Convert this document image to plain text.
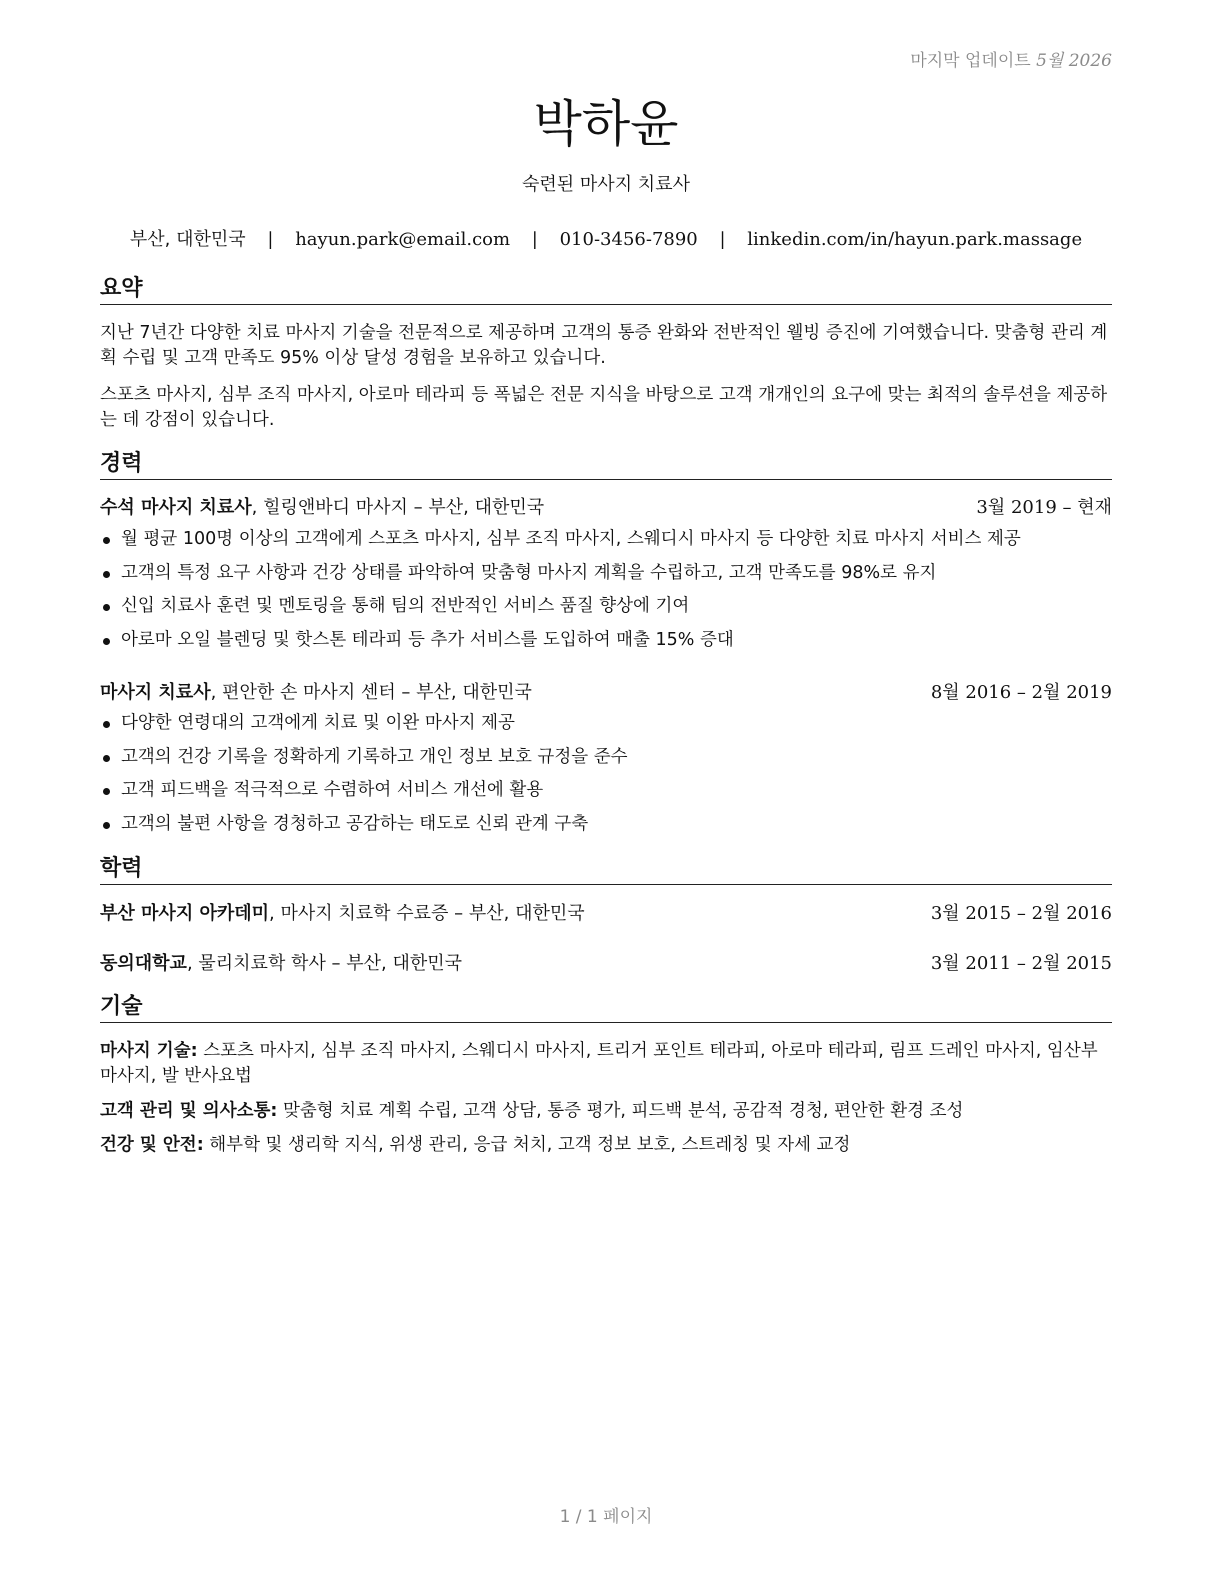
마지막 업데이트 5월 2026
박하윤
숙련된 마사지 치료사
부산, 대한민국 | hayun.park@email.com | 010-3456-7890 | linkedin.com/in/hayun.park.massage
요약
지난 7년간 다양한 치료 마사지 기술을 전문적으로 제공하며 고객의 통증 완화와 전반적인 웰빙 증진에 기여했습니다. 맞춤형 관리 계획 수립 및 고객 만족도 95% 이상 달성 경험을 보유하고 있습니다.
스포츠 마사지, 심부 조직 마사지, 아로마 테라피 등 폭넓은 전문 지식을 바탕으로 고객 개개인의 요구에 맞는 최적의 솔루션을 제공하는 데 강점이 있습니다.
경력
수석 마사지 치료사, 힐링앤바디 마사지 – 부산, 대한민국	3월 2019 – 현재
월 평균 100명 이상의 고객에게 스포츠 마사지, 심부 조직 마사지, 스웨디시 마사지 등 다양한 치료 마사지 서비스 제공
고객의 특정 요구 사항과 건강 상태를 파악하여 맞춤형 마사지 계획을 수립하고, 고객 만족도를 98%로 유지
신입 치료사 훈련 및 멘토링을 통해 팀의 전반적인 서비스 품질 향상에 기여
아로마 오일 블렌딩 및 핫스톤 테라피 등 추가 서비스를 도입하여 매출 15% 증대
마사지 치료사, 편안한 손 마사지 센터 – 부산, 대한민국	8월 2016 – 2월 2019
다양한 연령대의 고객에게 치료 및 이완 마사지 제공
고객의 건강 기록을 정확하게 기록하고 개인 정보 보호 규정을 준수
고객 피드백을 적극적으로 수렴하여 서비스 개선에 활용
고객의 불편 사항을 경청하고 공감하는 태도로 신뢰 관계 구축
학력
부산 마사지 아카데미, 마사지 치료학 수료증 – 부산, 대한민국	3월 2015 – 2월 2016
동의대학교, 물리치료학 학사 – 부산, 대한민국	3월 2011 – 2월 2015
기술
마사지 기술: 스포츠 마사지, 심부 조직 마사지, 스웨디시 마사지, 트리거 포인트 테라피, 아로마 테라피, 림프 드레인 마사지, 임산부 마사지, 발 반사요법
고객 관리 및 의사소통: 맞춤형 치료 계획 수립, 고객 상담, 통증 평가, 피드백 분석, 공감적 경청, 편안한 환경 조성
건강 및 안전: 해부학 및 생리학 지식, 위생 관리, 응급 처치, 고객 정보 보호, 스트레칭 및 자세 교정
1 / 1 페이지
